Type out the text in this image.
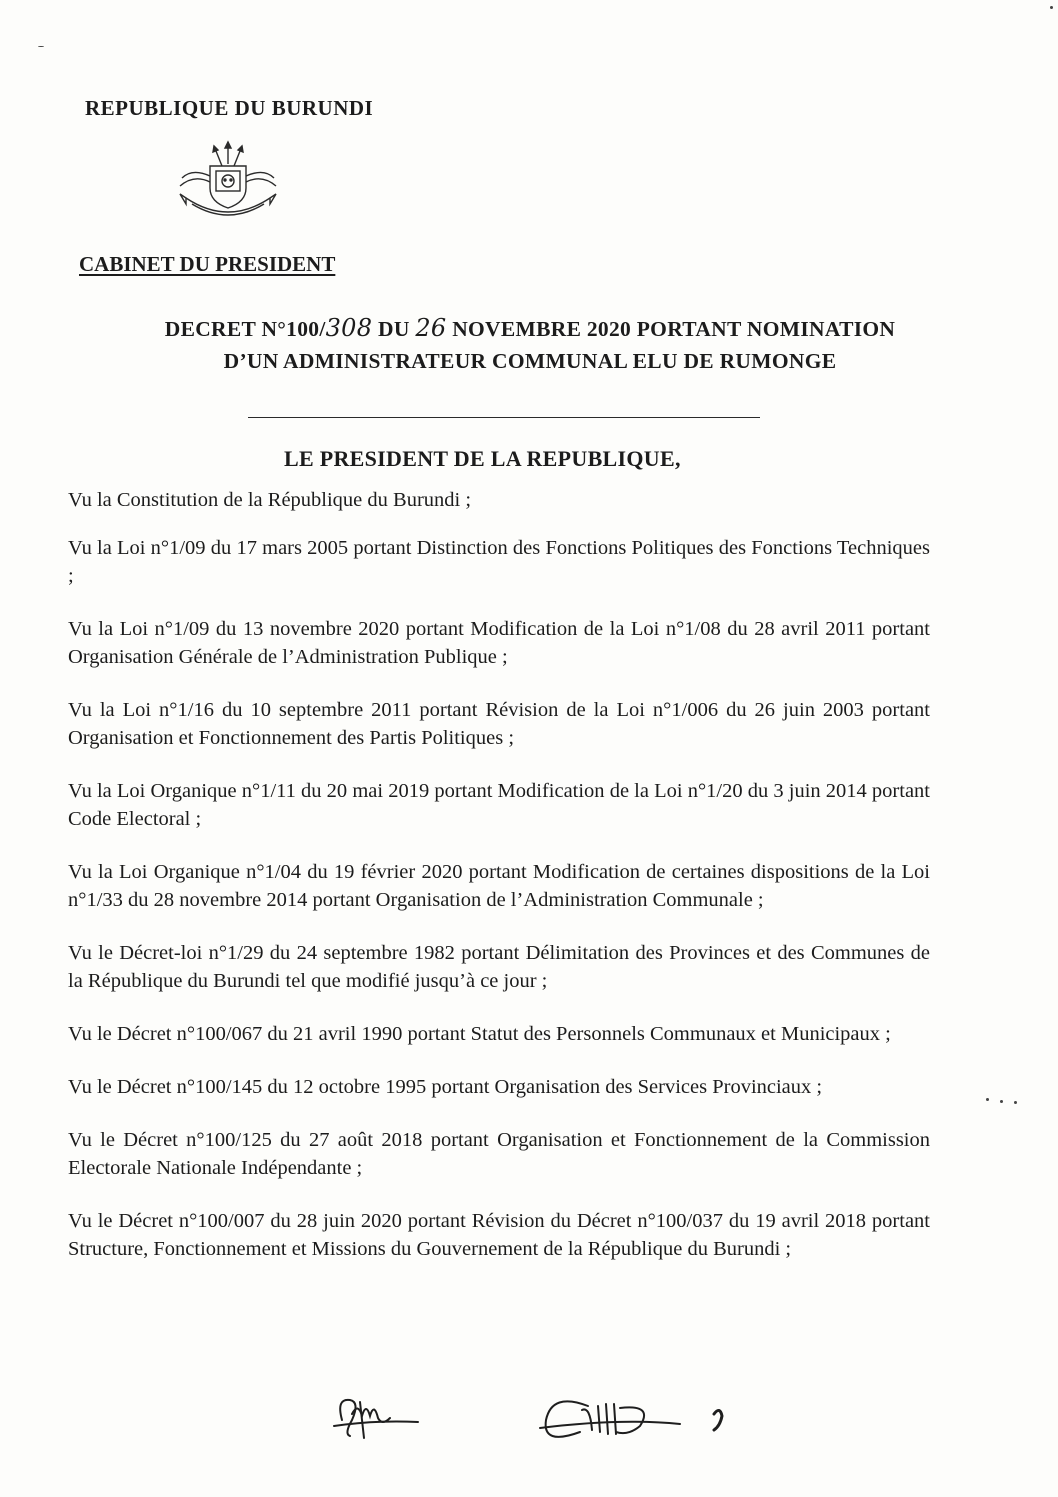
REPUBLIQUE DU BURUNDI
CABINET DU PRESIDENT
DECRET N°100/308 DU 26 NOVEMBRE 2020 PORTANT NOMINATION
D’UN ADMINISTRATEUR COMMUNAL ELU DE RUMONGE
LE PRESIDENT DE LA REPUBLIQUE,

Vu la Constitution de la République du Burundi ;

Vu la Loi n°1/09 du 17 mars 2005 portant Distinction des Fonctions Politiques des Fonctions Techniques ;

Vu la Loi n°1/09 du 13 novembre 2020 portant Modification de la Loi n°1/08 du 28 avril 2011 portant Organisation Générale de l’Administration Publique ;

Vu la Loi n°1/16 du 10 septembre 2011 portant Révision de la Loi n°1/006 du 26 juin 2003 portant Organisation et Fonctionnement des Partis Politiques ;

Vu la Loi Organique n°1/11 du 20 mai 2019 portant Modification de la Loi n°1/20 du 3 juin 2014 portant Code Electoral ;

Vu la Loi Organique n°1/04 du 19 février 2020 portant Modification de certaines dispositions de la Loi n°1/33 du 28 novembre 2014 portant Organisation de l’Administration Communale ;

Vu le Décret-loi n°1/29 du 24 septembre 1982 portant Délimitation des Provinces et des Communes de la République du Burundi tel que modifié jusqu’à ce jour ;

Vu le Décret n°100/067 du 21 avril 1990 portant Statut des Personnels Communaux et Municipaux ;

Vu le Décret n°100/145 du 12 octobre 1995 portant Organisation des Services Provinciaux ;

Vu le Décret n°100/125 du 27 août 2018 portant Organisation et Fonctionnement de la Commission Electorale Nationale Indépendante ;

Vu le Décret n°100/007 du 28 juin 2020 portant Révision du Décret n°100/037 du 19 avril 2018 portant Structure, Fonctionnement et Missions du Gouvernement de la République du Burundi ;
